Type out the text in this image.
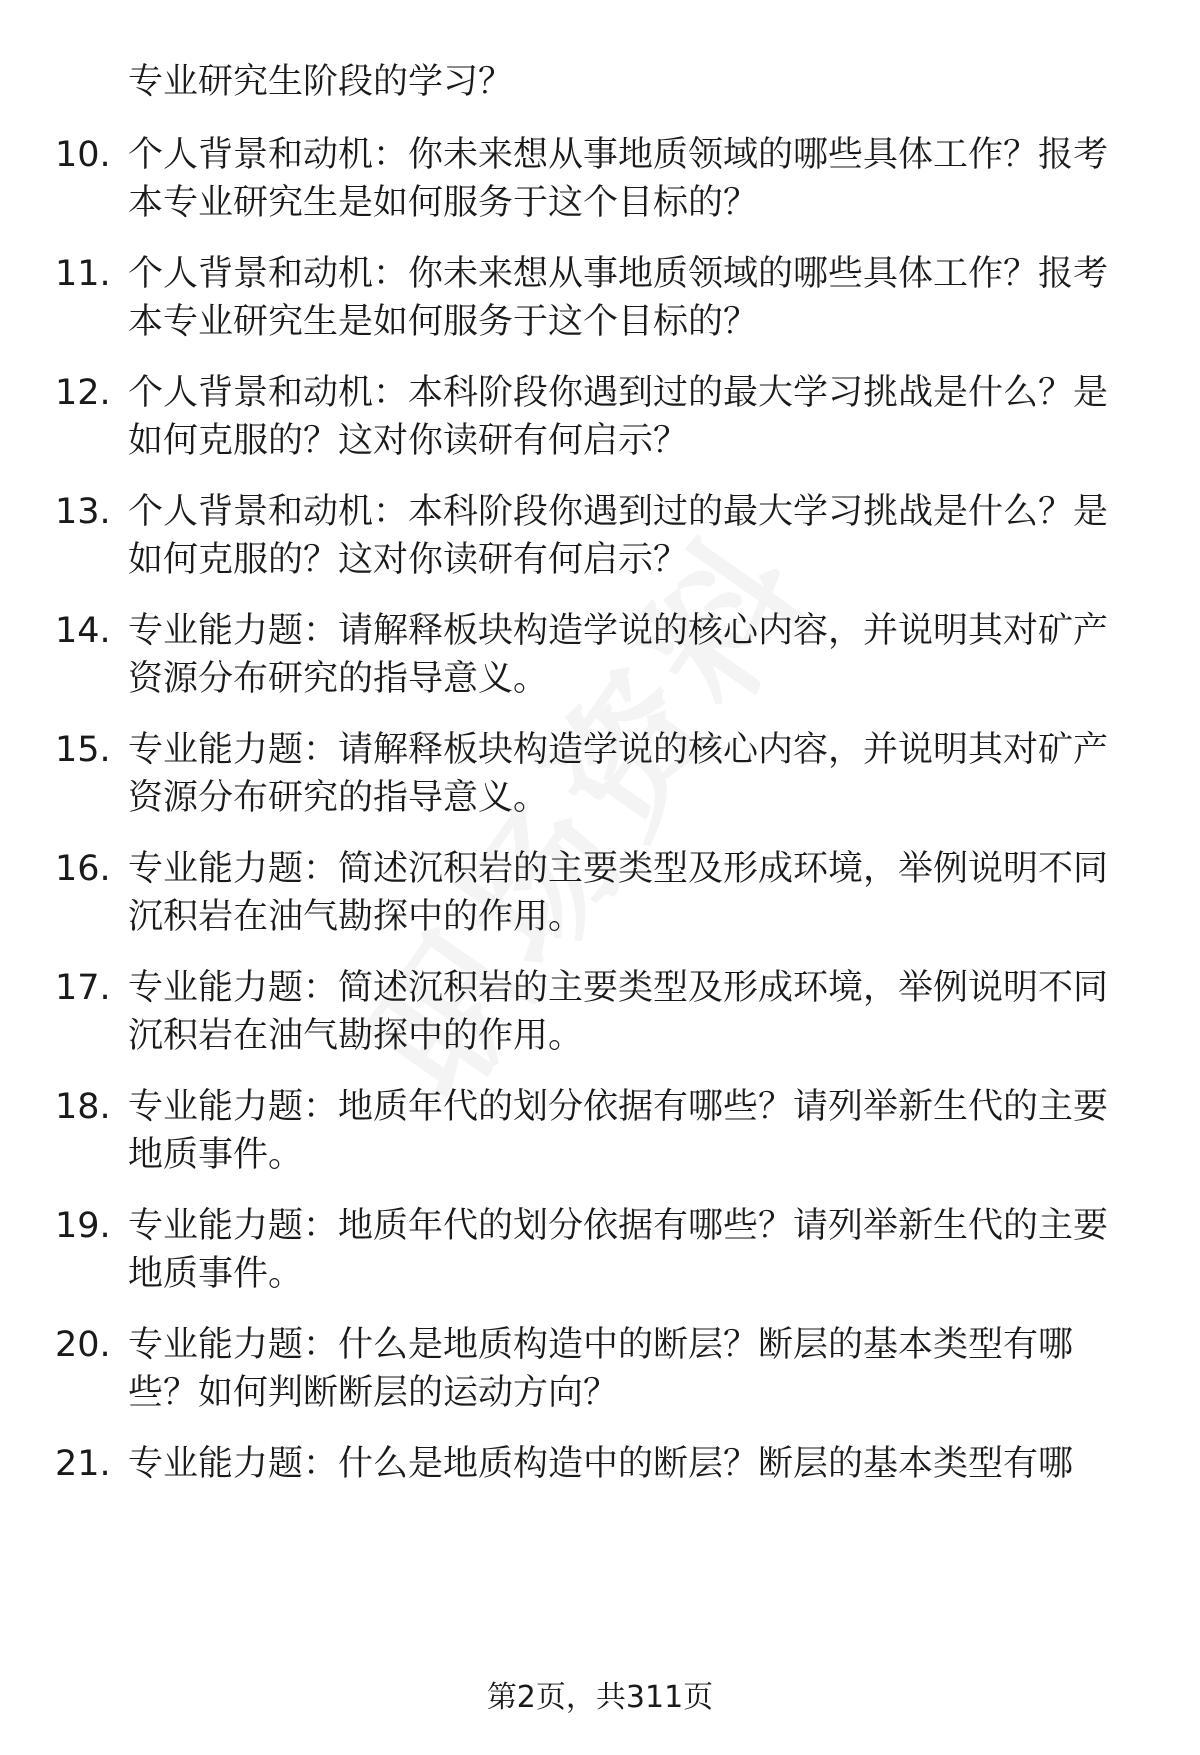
专业研究生阶段的学习？
10. 个人背景和动机：你未来想从事地质领域的哪些具体工作？报考
本专业研究生是如何服务于这个目标的？
11. 个人背景和动机：你未来想从事地质领域的哪些具体工作？报考
本专业研究生是如何服务于这个目标的？
12. 个人背景和动机：本科阶段你遇到过的最大学习挑战是什么？是
如何克服的？这对你读研有何启示？
13. 个人背景和动机：本科阶段你遇到过的最大学习挑战是什么？是
如何克服的？这对你读研有何启示？
14. 专业能力题：请解释板块构造学说的核心内容，并说明其对矿产
资源分布研究的指导意义。
15. 专业能力题：请解释板块构造学说的核心内容，并说明其对矿产
资源分布研究的指导意义。
16. 专业能力题：简述沉积岩的主要类型及形成环境，举例说明不同
沉积岩在油气勘探中的作用。
17. 专业能力题：简述沉积岩的主要类型及形成环境，举例说明不同
沉积岩在油气勘探中的作用。
18. 专业能力题：地质年代的划分依据有哪些？请列举新生代的主要
地质事件。
19. 专业能力题：地质年代的划分依据有哪些？请列举新生代的主要
地质事件。
20. 专业能力题：什么是地质构造中的断层？断层的基本类型有哪
些？如何判断断层的运动方向？
21. 专业能力题：什么是地质构造中的断层？断层的基本类型有哪
第2页，共311页
